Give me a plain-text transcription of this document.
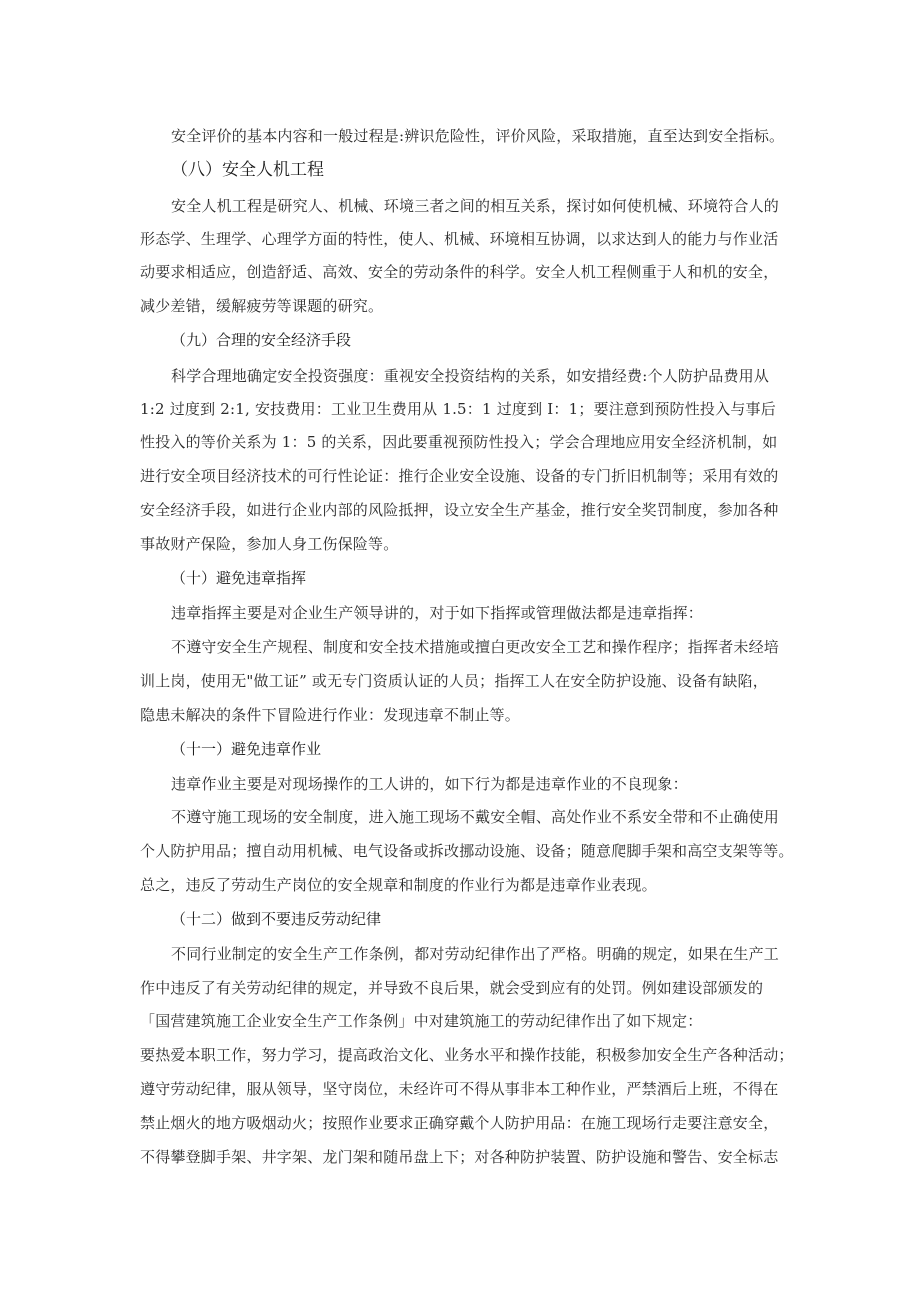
安全评价的基本内容和一般过程是:辨识危险性，评价风险，采取措施，直至达到安全指标。
（八）安全人机工程
安全人机工程是研究人、机械、环境三者之间的相互关系，探讨如何使机械、环境符合人的
形态学、生理学、心理学方面的特性，使人、机械、环境相互协调，以求达到人的能力与作业活
动要求相适应，创造舒适、高效、安全的劳动条件的科学。安全人机工程侧重于人和机的安全，
减少差错，缓解疲劳等课题的研究。
（九）合理的安全经济手段
科学合理地确定安全投资强度：重视安全投资结构的关系，如安措经费:个人防护品费用从
1:2 过度到 2:1, 安技费用：工业卫生费用从 1.5：1 过度到 I：1；要注意到预防性投入与事后
性投入的等价关系为 1：5 的关系，因此要重视预防性投入；学会合理地应用安全经济机制，如
进行安全项目经济技术的可行性论证：推行企业安全设施、设备的专门折旧机制等；采用有效的
安全经济手段，如进行企业内部的风险抵押，设立安全生产基金，推行安全奖罚制度，参加各种
事故财产保险，参加人身工伤保险等。
（十）避免违章指挥
违章指挥主要是对企业生产领导讲的，对于如下指挥或管理做法都是违章指挥：
不遵守安全生产规程、制度和安全技术措施或擅白更改安全工艺和操作程序；指挥者未经培
训上岗，使用无"做工证” 或无专门资质认证的人员；指挥工人在安全防护设施、设备有缺陷，
隐患未解决的条件下冒险进行作业：发现违章不制止等。
（十一）避免违章作业
违章作业主要是对现场操作的工人讲的，如下行为都是违章作业的不良现象：
不遵守施工现场的安全制度，进入施工现场不戴安全帽、高处作业不系安全带和不止确使用
个人防护用品；擅自动用机械、电气设备或拆改挪动设施、设备；随意爬脚手架和高空支架等等。
总之，违反了劳动生产岗位的安全规章和制度的作业行为都是违章作业表现。
（十二）做到不要违反劳动纪律
不同行业制定的安全生产工作条例，都对劳动纪律作出了严格。明确的规定，如果在生产工
作中违反了有关劳动纪律的规定，并导致不良后果，就会受到应有的处罚。例如建设部颁发的
「国营建筑施工企业安全生产工作条例」中对建筑施工的劳动纪律作出了如下规定：
要热爱本职工作，努力学习，提高政治文化、业务水平和操作技能，积极参加安全生产各种活动；
遵守劳动纪律，服从领导，坚守岗位，未经许可不得从事非本工种作业，严禁酒后上班，不得在
禁止烟火的地方吸烟动火；按照作业要求正确穿戴个人防护用品：在施工现场行走要注意安全，
不得攀登脚手架、井字架、龙门架和随吊盘上下；对各种防护装置、防护设施和警告、安全标志
